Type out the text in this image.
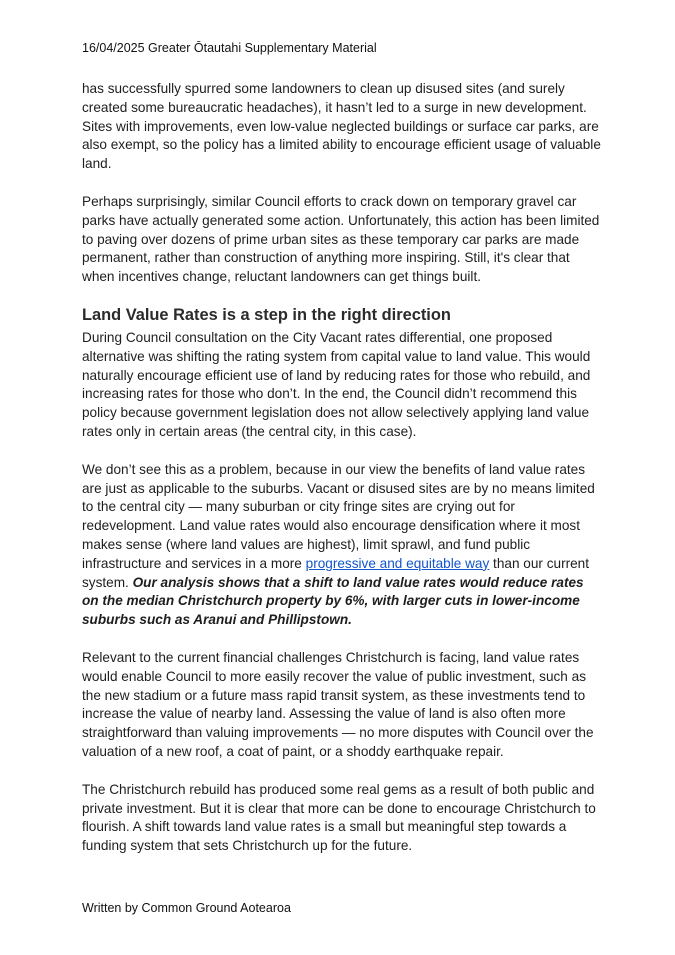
16/04/2025 Greater Ōtautahi Supplementary Material

has successfully spurred some landowners to clean up disused sites (and surely created some bureaucratic headaches), it hasn’t led to a surge in new development. Sites with improvements, even low-value neglected buildings or surface car parks, are also exempt, so the policy has a limited ability to encourage efficient usage of valuable land.

Perhaps surprisingly, similar Council efforts to crack down on temporary gravel car parks have actually generated some action. Unfortunately, this action has been limited to paving over dozens of prime urban sites as these temporary car parks are made permanent, rather than construction of anything more inspiring. Still, it's clear that when incentives change, reluctant landowners can get things built.

Land Value Rates is a step in the right direction

During Council consultation on the City Vacant rates differential, one proposed alternative was shifting the rating system from capital value to land value. This would naturally encourage efficient use of land by reducing rates for those who rebuild, and increasing rates for those who don’t. In the end, the Council didn’t recommend this policy because government legislation does not allow selectively applying land value rates only in certain areas (the central city, in this case).

We don’t see this as a problem, because in our view the benefits of land value rates are just as applicable to the suburbs. Vacant or disused sites are by no means limited to the central city — many suburban or city fringe sites are crying out for redevelopment. Land value rates would also encourage densification where it most makes sense (where land values are highest), limit sprawl, and fund public infrastructure and services in a more progressive and equitable way than our current system. Our analysis shows that a shift to land value rates would reduce rates on the median Christchurch property by 6%, with larger cuts in lower-income suburbs such as Aranui and Phillipstown.

Relevant to the current financial challenges Christchurch is facing, land value rates would enable Council to more easily recover the value of public investment, such as the new stadium or a future mass rapid transit system, as these investments tend to increase the value of nearby land. Assessing the value of land is also often more straightforward than valuing improvements — no more disputes with Council over the valuation of a new roof, a coat of paint, or a shoddy earthquake repair.

The Christchurch rebuild has produced some real gems as a result of both public and private investment. But it is clear that more can be done to encourage Christchurch to flourish. A shift towards land value rates is a small but meaningful step towards a funding system that sets Christchurch up for the future.

Written by Common Ground Aotearoa
